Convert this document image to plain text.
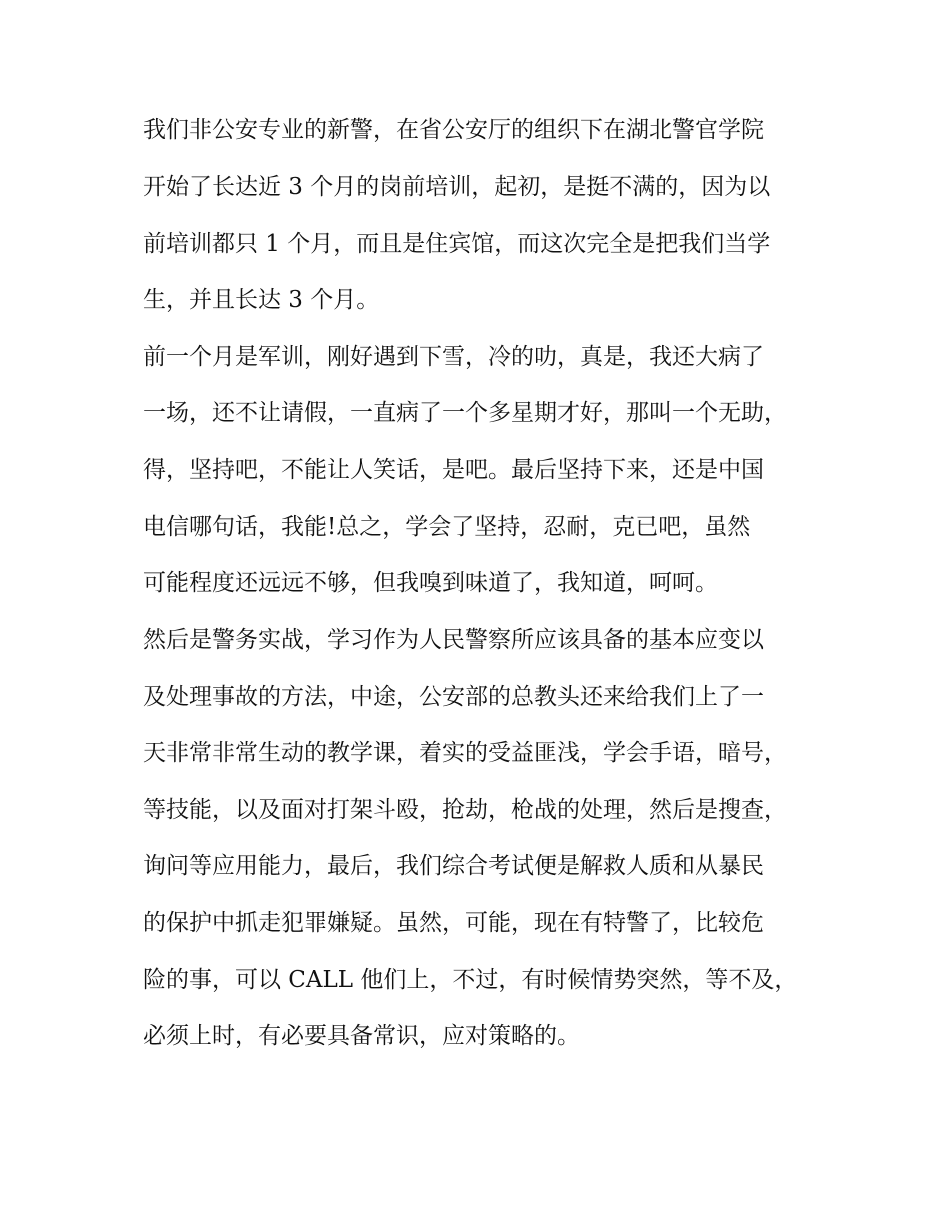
我们非公安专业的新警，在省公安厅的组织下在湖北警官学院
开始了长达近 3 个月的岗前培训，起初，是挺不满的，因为以
前培训都只 1 个月，而且是住宾馆，而这次完全是把我们当学
生，并且长达 3 个月。
前一个月是军训，刚好遇到下雪，冷的叻，真是，我还大病了
一场，还不让请假，一直病了一个多星期才好，那叫一个无助，
得，坚持吧，不能让人笑话，是吧。最后坚持下来，还是中国
电信哪句话，我能!总之，学会了坚持，忍耐，克已吧，虽然
可能程度还远远不够，但我嗅到味道了，我知道，呵呵。
然后是警务实战，学习作为人民警察所应该具备的基本应变以
及处理事故的方法，中途，公安部的总教头还来给我们上了一
天非常非常生动的教学课，着实的受益匪浅，学会手语，暗号，
等技能，以及面对打架斗殴，抢劫，枪战的处理，然后是搜查，
询问等应用能力，最后，我们综合考试便是解救人质和从暴民
的保护中抓走犯罪嫌疑。虽然，可能，现在有特警了，比较危
险的事，可以 CALL 他们上，不过，有时候情势突然，等不及，
必须上时，有必要具备常识，应对策略的。
